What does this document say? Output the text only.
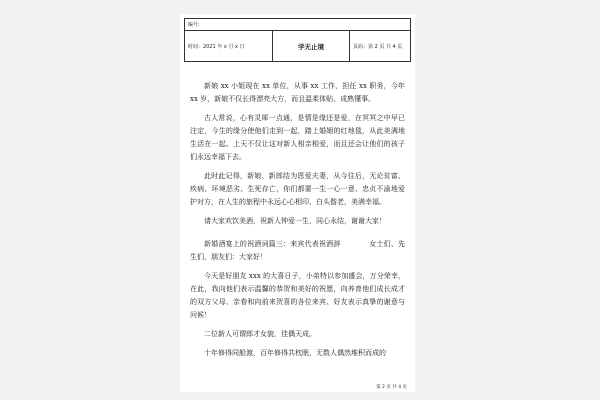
编号:
时间：2021 年 x 月 x 日	学无止境	页码：第 2 页 共 4 页

新娘 xx 小姐现在 xx 单位，从事 xx 工作，担任 xx 职务，今年 xx 岁，新娘不仅长得漂亮大方，而且温柔体贴、成熟懂事。

古人常说，心有灵犀一点通，是情是缘还是爱，在冥冥之中早已注定，今生的缘分使他们走到一起，踏上婚姻的红地毯，从此美满地生活在一起。上天不仅让这对新人相亲相爱，而且还会让他们的孩子们永远幸福下去。

此时此记得，新娘、新郎结为恩爱夫妻，从今往后，无论贫富、疾病、环境恶劣、生死存亡，你们都要一生一心一意、忠贞不渝地爱护对方，在人生的旅程中永远心心相印、白头偕老，美满幸福。

请大家欢饮美酒，祝新人钟爱一生，同心永结，谢谢大家！

新婚酒宴上的祝酒词篇三：来宾代表祝酒辞　　　　女士们、先生们，朋友们：大家好！

今天是好朋友 xxx 的大喜日子，小弟特以参加盛会，万分荣幸，在此，我向他们表示温馨的恭贺和美好的祝愿，向养育他们成长成才的双方父母、亲眷和向前来贺喜的各位来宾、好友表示真挚的谢意与问候！

二位新人可谓郎才女貌，佳偶天成。

十年修得同船渡，百年修得共枕眠，无数人偶然堆积而成的

第 2 页 共 4 页
